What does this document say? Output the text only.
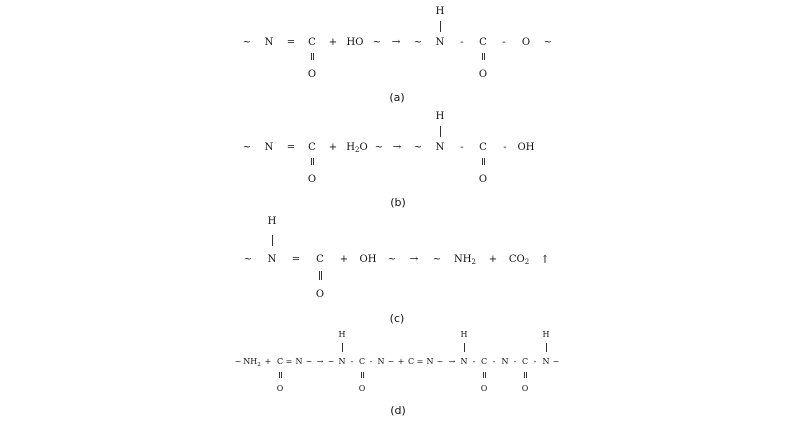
~ N = C
O
+ HO ~ → ~
H
N - C
O
- O ~
(a)
~ N = C
O
+ $H_2O$ ~ → ~
H
N - C
O
- OH
(b)
~
H
N = C
O
+ OH ~ → ~ $NH_2 + CO_2$ ↑
(c)
~ $NH_2 + C$
O
= N ~ → ~
H
N - C
O
- N ~ + C = N ~ →
H
N - C
O
- N - C
O
-
H
N ~
(d)
